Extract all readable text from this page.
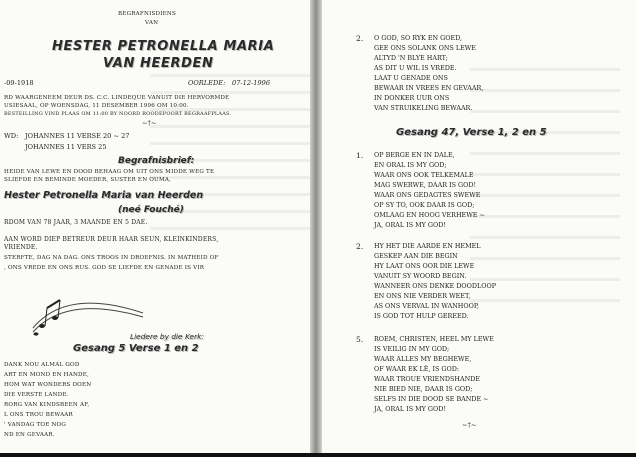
BEGRAFNISDIENS
VAN
HESTER PETRONELLA MARIA
VAN HEERDEN
-09-1918	OORLEDE: 07-12-1996
RD WAARGENEEM DEUR DS. C.C. LINDEQUE VANUIT DIE HERVORMDE
USIESAAL, OP WOENSDAG, 11 DESEMBER 1996 OM 10:00.
BESTEILLING VIND PLAAS OM 11:00 BY NOORD ROODEPOORT BEGRAAFPLAAS.
~†~
WD: JOHANNES 11 VERSE 20 ~ 27
JOHANNES 11 VERS 25
Begrafnisbrief:
HEIDE VAN LEWE EN DOOD BEHAAG OM UIT ONS MIDDE WEG TE
SLIEFDE EN BEMINDE MOEDER, SUSTER EN OUMA,
Hester Petronella Maria van Heerden
(neé Fouché)
RDOM VAN 78 JAAR, 3 MAANDE EN 5 DAE.
AAN WORD DIEP BETREUR DEUR HAAR SEUN, KLEINKINDERS,
VRIENDE.
STERFTE, DAG NA DAG. ONS TROOS IN DROEFNIS. IN MATHEID OF
, ONS VREDE EN ONS RUS. GOD SE LIEFDE EN GENADE IS VIR
Liedere by die Kerk:
Gesang 5 Verse 1 en 2
DANK NOU ALMAL GOD
ART EN MOND EN HANDE,
HOM WAT WONDERS DOEN
DIE VERSTE LANDE.
RORG VAN KINDSBEEN AF,
L ONS TROU BEWAAR
' VANDAG TOE NOG
ND EN GEVAAR.
2. O GOD, SO RYK EN GOED,
GEE ONS SOLANK ONS LEWE
ALTYD 'N BLYE HART;
AS DIT U WIL IS VREDE.
LAAT U GENADE ONS
BEWAAR IN VREES EN GEVAAR,
IN DONKER UUR ONS
VAN STRUIKELING BEWAAR.
Gesang 47, Verse 1, 2 en 5
1. OP BERGE EN IN DALE,
EN ORAL IS MY GOD;
WAAR ONS OOK TELKEMALE
MAG SWERWE, DAAR IS GOD!
WAAR ONS GEDAGTES SWEWE
OP SY TO, OOK DAAR IS GOD;
OMLAAG EN HOOG VERHEWE ~
JA, ORAL IS MY GOD!
2. HY HET DIE AARDE EN HEMEL
GESKEP AAN DIE BEGIN
HY LAAT ONS OOR DIE LEWE
VANUIT SY WOORD BEGIN.
WANNEER ONS DENKE DOODLOOP
EN ONS NIE VERDER WEET,
AS ONS VERVAL IN WANHOOP,
IS GOD TOT HULP GEREED.
5. ROEM, CHRISTEN, HEEL MY LEWE
IS VEILIG IN MY GOD;
WAAR ALLES MY BEGHEWE,
OF WAAR EK LÊ, IS GOD:
WAAR TROUE VRIENDSHANDE
NIE BIED NIE, DAAR IS GOD;
SELFS IN DIE DOOD SE BANDE ~
JA, ORAL IS MY GOD!
~†~
